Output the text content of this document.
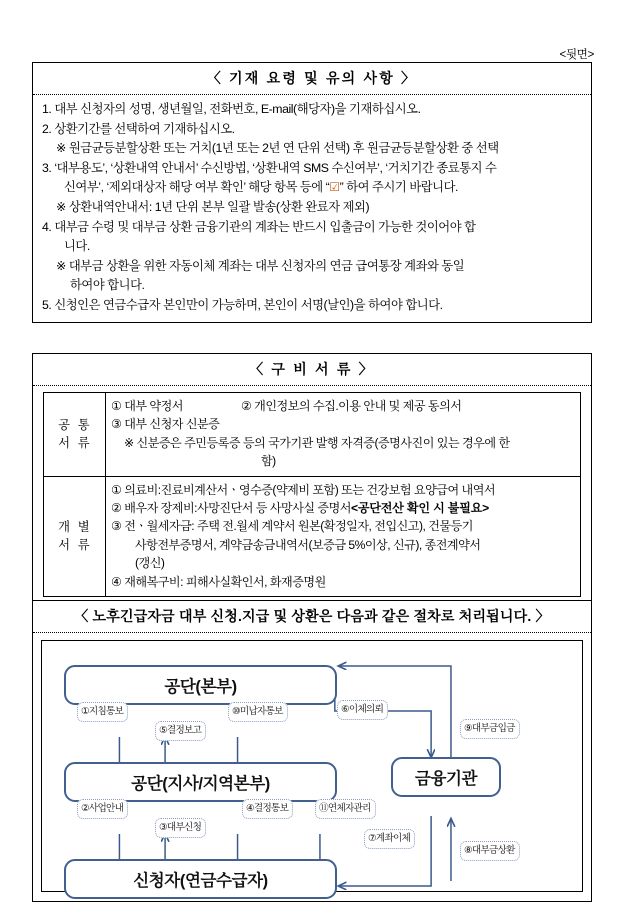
<뒷면>
〈 기재 요령 및 유의 사항 〉
1. 대부 신청자의 성명, 생년월일, 전화번호, E-mail(해당자)을 기재하십시오.
2. 상환기간를 선택하여 기재하십시오.
※ 원금균등분할상환 또는 거치(1년 또는 2년 연 단위 선택) 후 원금균등분할상환 중 선택
3. ‘대부용도’, ‘상환내역 안내서’ 수신방법, ‘상환내역 SMS 수신여부’, ‘거치기간 종료통지 수
신여부’, ‘제외대상자 해당 여부 확인’ 해당 항목 등에 “☑” 하여 주시기 바랍니다.
※ 상환내역안내서: 1년 단위 본부 일괄 발송(상환 완료자 제외)
4. 대부금 수령 및 대부금 상환 금융기관의 계좌는 반드시 입출금이 가능한 것이어야 합
니다.
※ 대부금 상환을 위한 자동이체 계좌는 대부 신청자의 연금 급여통장 계좌와 동일
하여야 합니다.
5. 신청인은 연금수급자 본인만이 가능하며, 본인이 서명(날인)을 하여야 합니다.
〈 구 비 서 류 〉
공 통
서 류	① 대부 약정서 ② 개인정보의 수집.이용 안내 및 제공 동의서
③ 대부 신청자 신분증
※ 신분증은 주민등록증 등의 국가기관 발행 자격증(증명사진이 있는 경우에 한
함)

개 별
서 류

① 의료비:진료비계산서ㆍ영수증(약제비 포함) 또는 건강보험 요양급여 내역서
② 배우자 장제비:사망진단서 등 사망사실 증명서<공단전산 확인 시 불필요>
③ 전ㆍ월세자금: 주택 전.월세 계약서 원본(확정일자, 전입신고), 건물등기
사항전부증명서, 계약금송금내역서(보증금 5%이상, 신규), 종전계약서
(갱신)
④ 재해복구비: 피해사실확인서, 화재증명원
〈 노후긴급자금 대부 신청.지급 및 상환은 다음과 같은 절차로 처리됩니다. 〉
공단(본부)
공단(지사/지역본부)
신청자(연금수급자)
금융기관
①지침통보
⑤결정보고
⑩미납자통보	⑥이체의뢰
⑨대부금입금
②사업안내
③대부신청
④결정통보	⑪연체자관리
⑦계좌이체
⑧대부금상환
